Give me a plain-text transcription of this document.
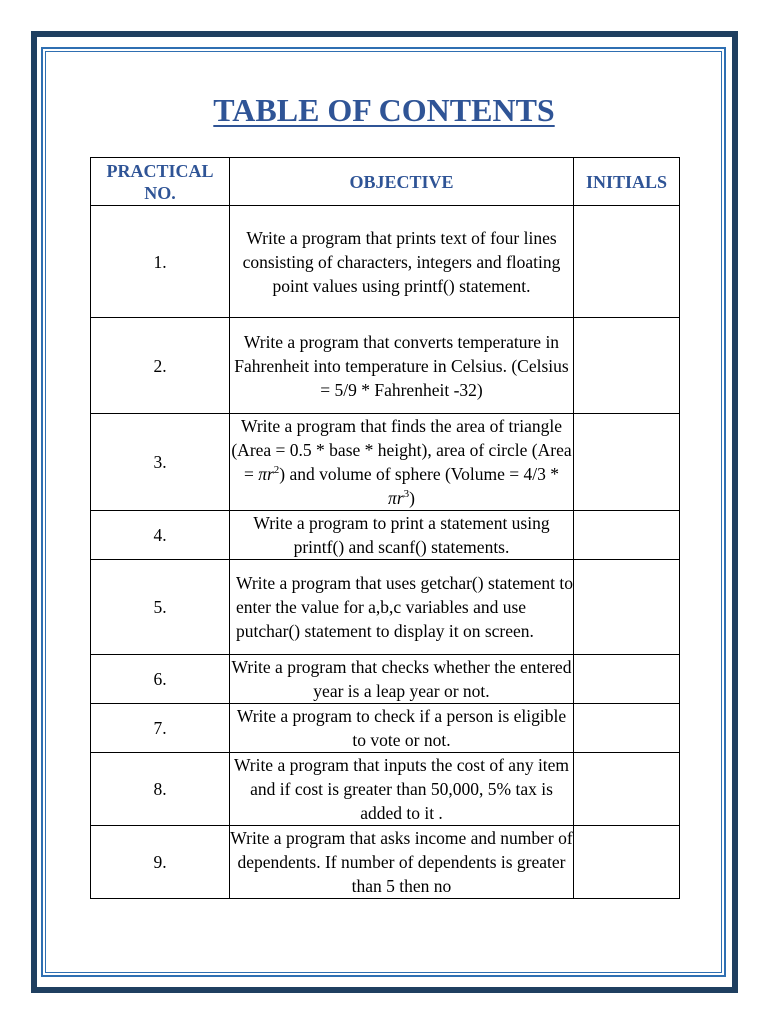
TABLE OF CONTENTS
PRACTICAL NO.	OBJECTIVE	INITIALS
1.	Write a program that prints text of four lines consisting of characters, integers and floating point values using printf() statement.	
2.	Write a program that converts temperature in Fahrenheit into temperature in Celsius. (Celsius = 5/9 * Fahrenheit -32)	
3.	Write a program that finds the area of triangle (Area = 0.5 * base * height), area of circle (Area = $\pi r^2$) and volume of sphere (Volume = $4/3 * \pi r^3$)	
4.	Write a program to print a statement using printf() and scanf() statements.	
5.	Write a program that uses getchar() statement to enter the value for a,b,c variables and use putchar() statement to display it on screen.	
6.	Write a program that checks whether the entered year is a leap year or not.	
7.	Write a program to check if a person is eligible to vote or not.	
8.	Write a program that inputs the cost of any item and if cost is greater than 50,000, 5% tax is added to it .	
9.	Write a program that asks income and number of dependents. If number of dependents is greater than 5 then no	
